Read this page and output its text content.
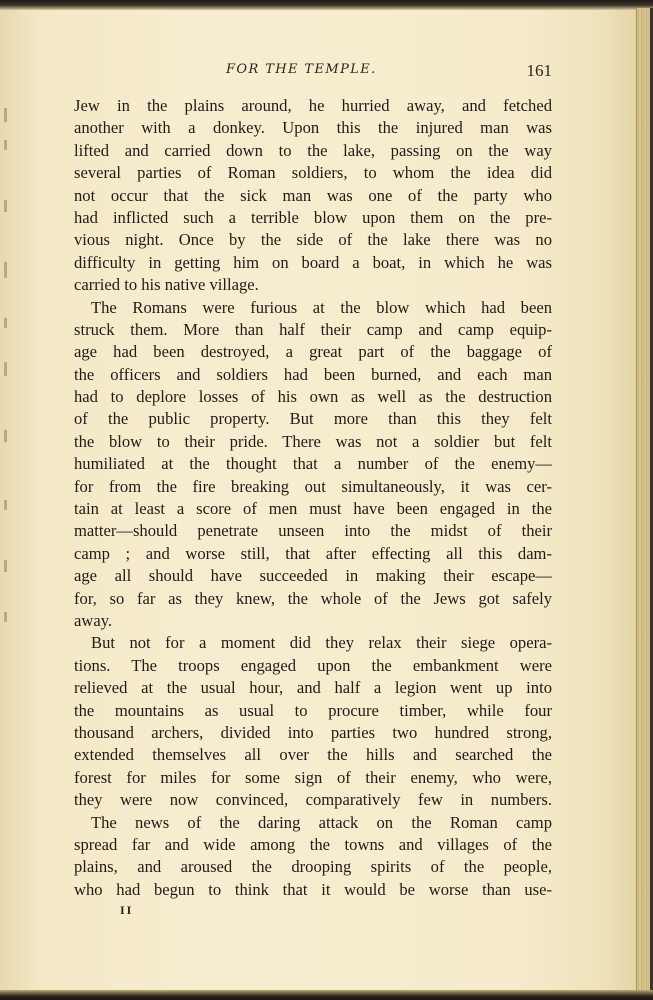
FOR THE TEMPLE.	161
Jew in the plains around, he hurried away, and fetched
another with a donkey. Upon this the injured man was
lifted and carried down to the lake, passing on the way
several parties of Roman soldiers, to whom the idea did
not occur that the sick man was one of the party who
had inflicted such a terrible blow upon them on the pre-
vious night. Once by the side of the lake there was no
difficulty in getting him on board a boat, in which he was
carried to his native village.
The Romans were furious at the blow which had been
struck them. More than half their camp and camp equip-
age had been destroyed, a great part of the baggage of
the officers and soldiers had been burned, and each man
had to deplore losses of his own as well as the destruction
of the public property. But more than this they felt
the blow to their pride. There was not a soldier but felt
humiliated at the thought that a number of the enemy—
for from the fire breaking out simultaneously, it was cer-
tain at least a score of men must have been engaged in the
matter—should penetrate unseen into the midst of their
camp ; and worse still, that after effecting all this dam-
age all should have succeeded in making their escape—
for, so far as they knew, the whole of the Jews got safely
away.
But not for a moment did they relax their siege opera-
tions. The troops engaged upon the embankment were
relieved at the usual hour, and half a legion went up into
the mountains as usual to procure timber, while four
thousand archers, divided into parties two hundred strong,
extended themselves all over the hills and searched the
forest for miles for some sign of their enemy, who were,
they were now convinced, comparatively few in numbers.
The news of the daring attack on the Roman camp
spread far and wide among the towns and villages of the
plains, and aroused the drooping spirits of the people,
who had begun to think that it would be worse than use-
II
